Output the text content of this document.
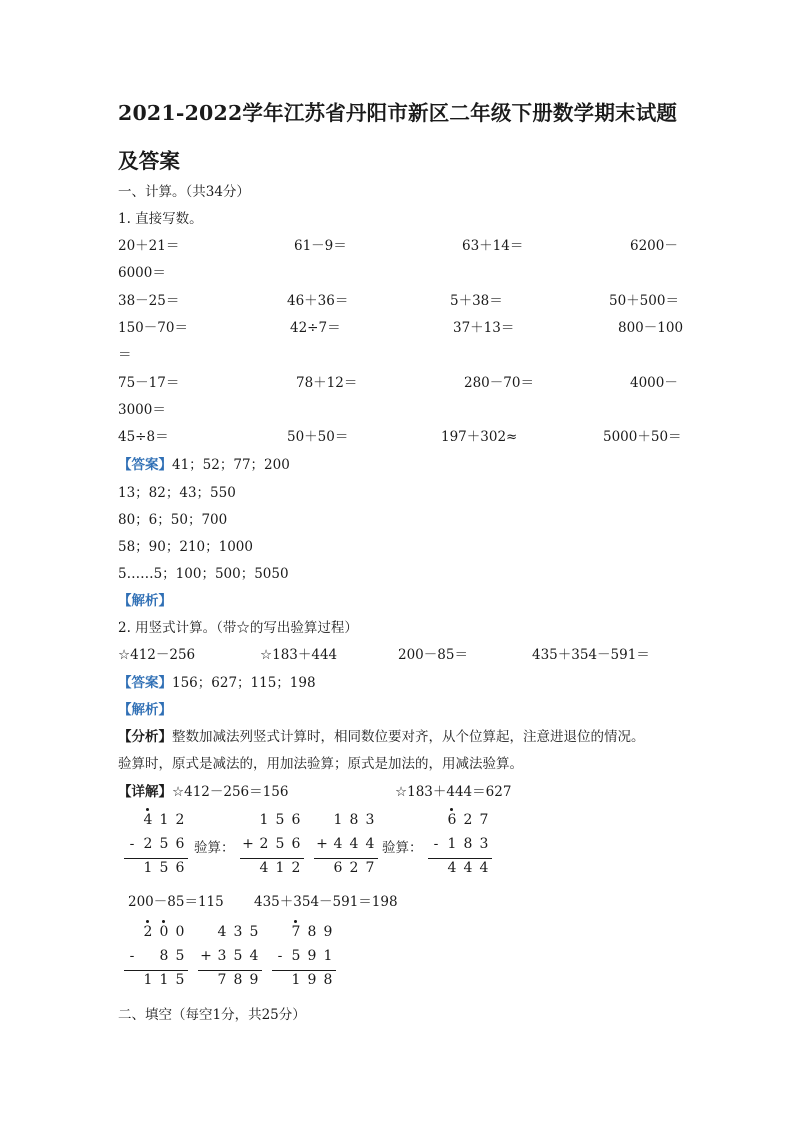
2021-2022学年江苏省丹阳市新区二年级下册数学期末试题
及答案
一、计算。（共34分）
1. 直接写数。
20＋21＝	61－9＝	63＋14＝	6200－
6000＝
38－25＝	46＋36＝	5＋38＝	50＋500＝
150－70＝	42÷7＝	37＋13＝	800－100
＝
75－17＝	78＋12＝	280－70＝	4000－
3000＝
45÷8＝	50＋50＝	197＋302≈	5000＋50＝
【答案】41；52；77；200
13；82；43；550
80；6；50；700
58；90；210；1000
5……5；100；500；5050
【解析】
2. 用竖式计算。（带☆的写出验算过程）
☆412－256	☆183＋444	200－85＝	435＋354－591＝
【答案】156；627；115；198
【解析】
【分析】整数加减法列竖式计算时，相同数位要对齐，从个位算起，注意进退位的情况。
验算时，原式是减法的，用加法验算；原式是加法的，用减法验算。
【详解】☆412－256＝156	☆183＋444＝627
4 1 2
- 2 5 6
1 5 6
验算：
1 5 6
+ 2 5 6
4 1 2
1 8 3
+ 4 4 4
6 2 7
验算：
6 2 7
- 1 8 3
4 4 4
200－85＝115 435＋354－591＝198
2 0 0
-	8 5
1 1 5
4 3 5
+ 3 5 4
7 8 9
7 8 9
- 5 9 1
1 9 8
二、填空（每空1分，共25分）
